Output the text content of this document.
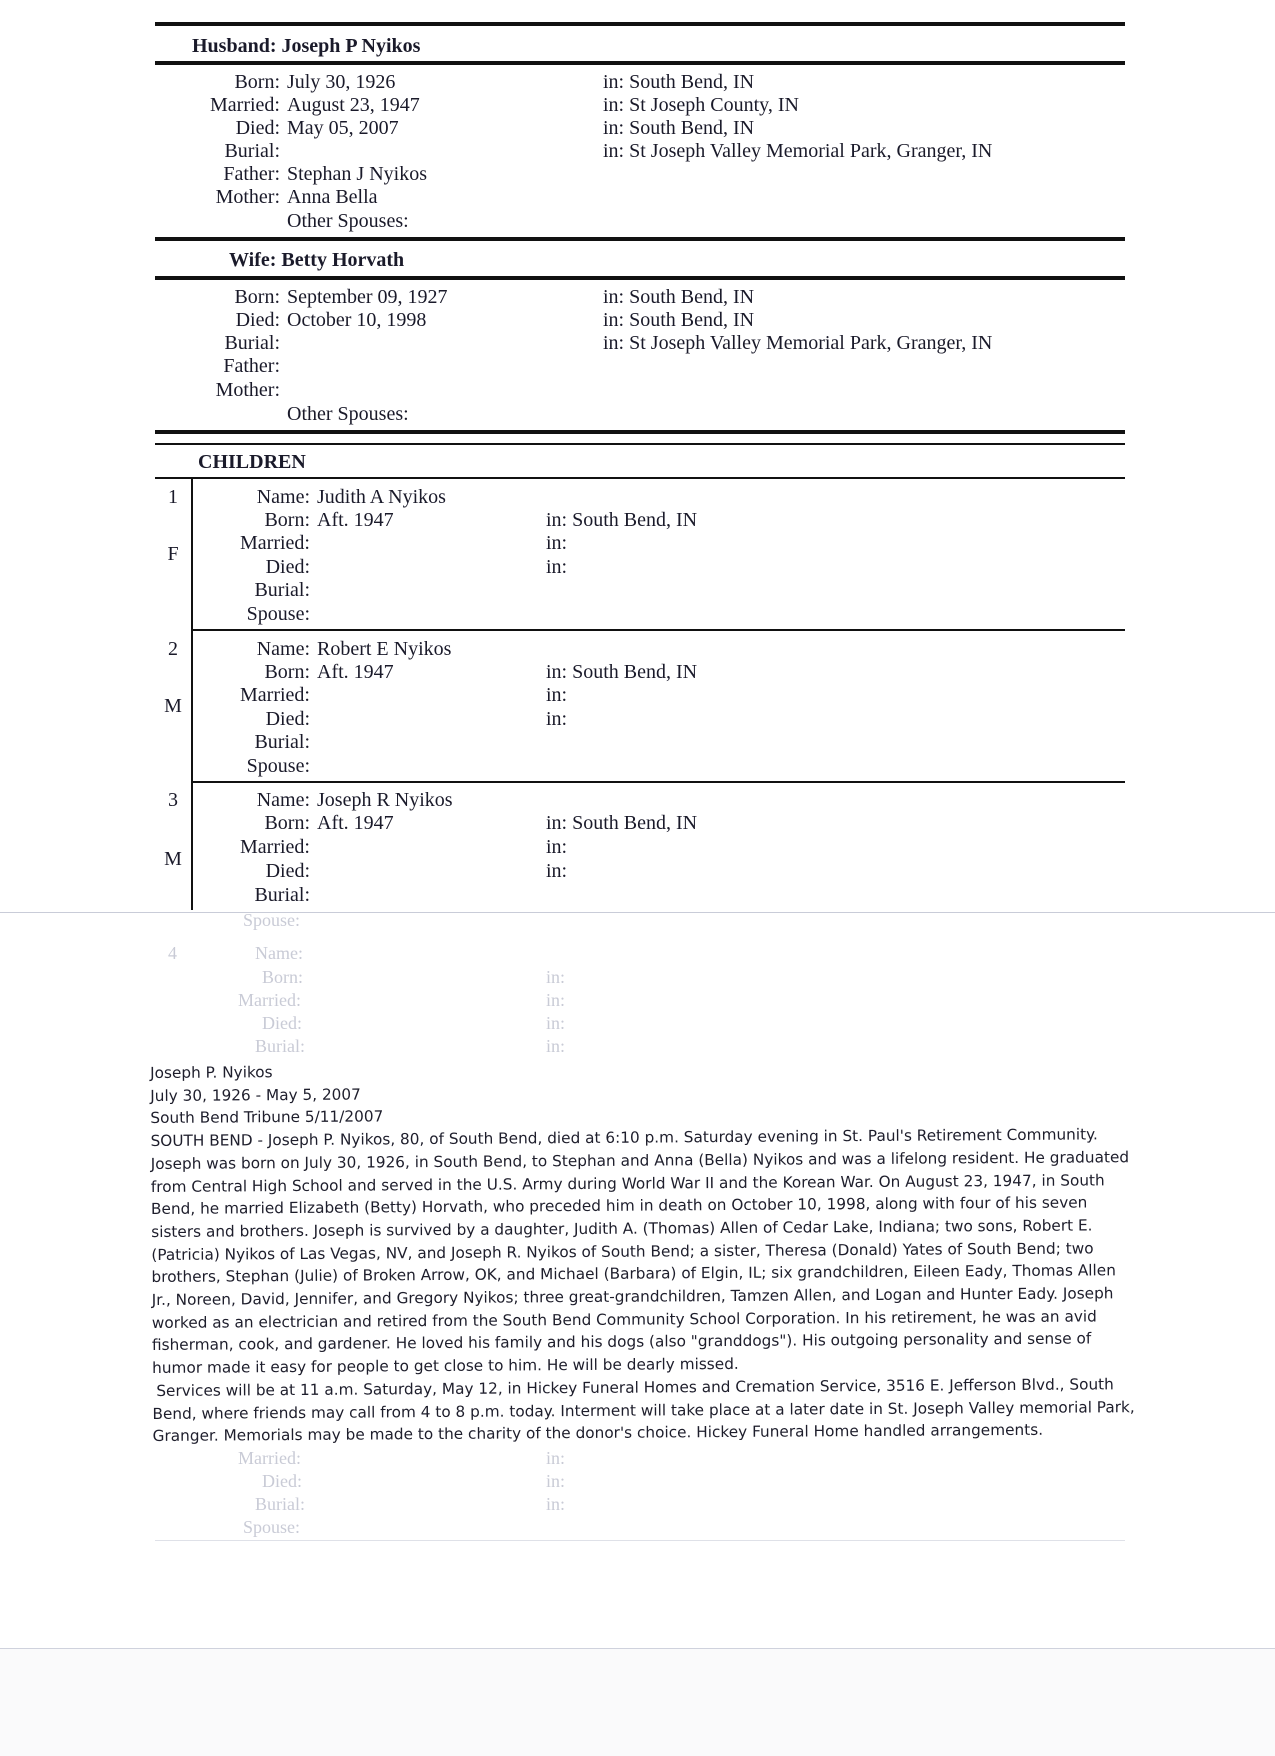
Husband: Joseph P Nyikos
Born: July 30, 1926	in: South Bend, IN
Married: August 23, 1947	in: St Joseph County, IN
Died: May 05, 2007	in: South Bend, IN
Burial:	in: St Joseph Valley Memorial Park, Granger, IN
Father: Stephan J Nyikos
Mother: Anna Bella
Other Spouses:
Wife: Betty Horvath
Born: September 09, 1927	in: South Bend, IN
Died: October 10, 1998	in: South Bend, IN
Burial:	in: St Joseph Valley Memorial Park, Granger, IN
Father:
Mother:
Other Spouses:
CHILDREN
1
F
Name: Judith A Nyikos
Born: Aft. 1947	in: South Bend, IN
Married:	in:
Died:	in:
Burial:
Spouse:
2
M
Name: Robert E Nyikos
Born: Aft. 1947	in: South Bend, IN
Married:	in:
Died:	in:
Burial:
Spouse:
3
M
Name: Joseph R Nyikos
Born: Aft. 1947	in: South Bend, IN
Married:	in:
Died:	in:
Burial:
Spouse:
4	Name:
Born:	in:
Married:	in:
Died:	in:
Burial:	in:
Married:	in:
Died:	in:
Burial:	in:
Spouse:

Joseph P. Nyikos

July 30, 1926 - May 5, 2007

South Bend Tribune 5/11/2007

SOUTH BEND - Joseph P. Nyikos, 80, of South Bend, died at 6:10 p.m. Saturday evening in St. Paul's Retirement Community. Joseph was born on July 30, 1926, in South Bend, to Stephan and Anna (Bella) Nyikos and was a lifelong resident. He graduated from Central High School and served in the U.S. Army during World War II and the Korean War. On August 23, 1947, in South Bend, he married Elizabeth (Betty) Horvath, who preceded him in death on October 10, 1998, along with four of his seven sisters and brothers. Joseph is survived by a daughter, Judith A. (Thomas) Allen of Cedar Lake, Indiana; two sons, Robert E. (Patricia) Nyikos of Las Vegas, NV, and Joseph R. Nyikos of South Bend; a sister, Theresa (Donald) Yates of South Bend; two brothers, Stephan (Julie) of Broken Arrow, OK, and Michael (Barbara) of Elgin, IL; six grandchildren, Eileen Eady, Thomas Allen Jr., Noreen, David, Jennifer, and Gregory Nyikos; three great-grandchildren, Tamzen Allen, and Logan and Hunter Eady. Joseph worked as an electrician and retired from the South Bend Community School Corporation. In his retirement, he was an avid fisherman, cook, and gardener. He loved his family and his dogs (also "granddogs"). His outgoing personality and sense of humor made it easy for people to get close to him. He will be dearly missed.

Services will be at 11 a.m. Saturday, May 12, in Hickey Funeral Homes and Cremation Service, 3516 E. Jefferson Blvd., South Bend, where friends may call from 4 to 8 p.m. today. Interment will take place at a later date in St. Joseph Valley memorial Park, Granger. Memorials may be made to the charity of the donor's choice. Hickey Funeral Home handled arrangements.
